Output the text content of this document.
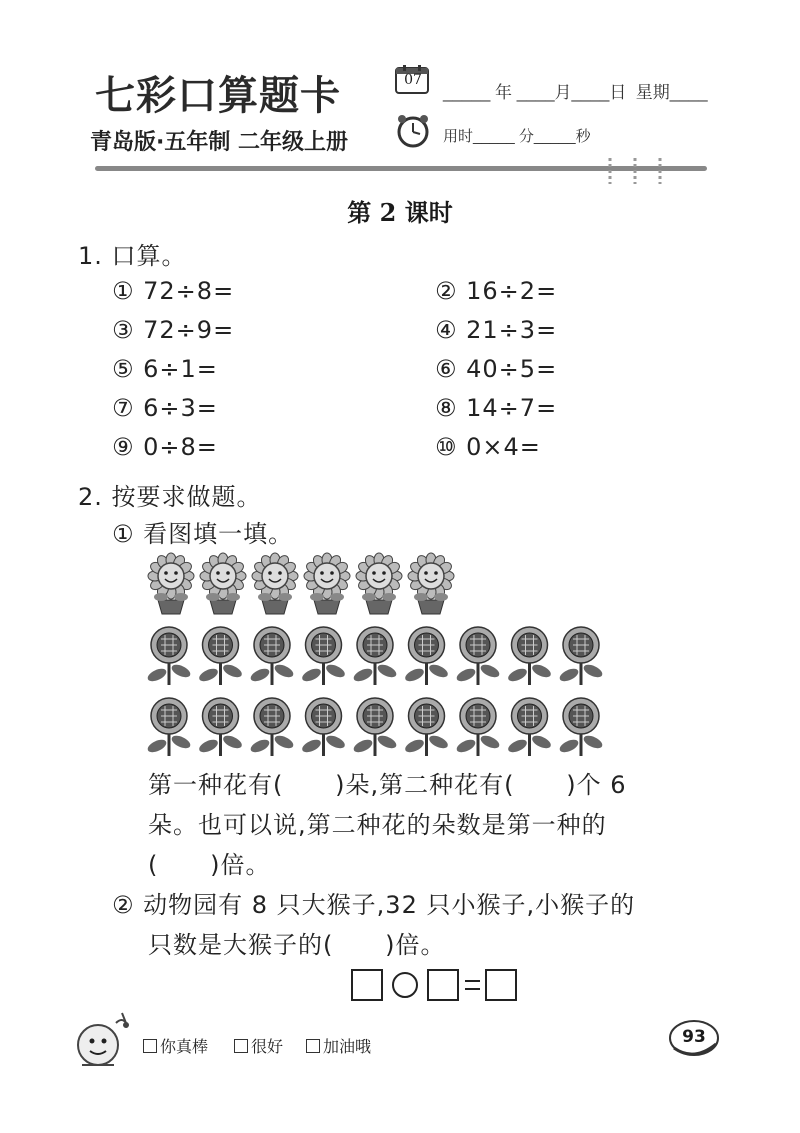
七彩口算题卡
青岛版·五年制 二年级上册
07
_____ 年 ____月____日  星期____
用时_____ 分_____秒
第 2 课时
1. 口算。
① 72÷8=	② 16÷2=
③ 72÷9=	④ 21÷3=
⑤ 6÷1=	⑥ 40÷5=
⑦ 6÷3=	⑧ 14÷7=
⑨ 0÷8=	⑩ 0×4=
2. 按要求做题。
① 看图填一填。
第一种花有(      )朵,第二种花有(      )个 6
朵。也可以说,第二种花的朵数是第一种的
(      )倍。
② 动物园有 8 只大猴子,32 只小猴子,小猴子的
只数是大猴子的(      )倍。
你真棒	很好 加油哦	93
